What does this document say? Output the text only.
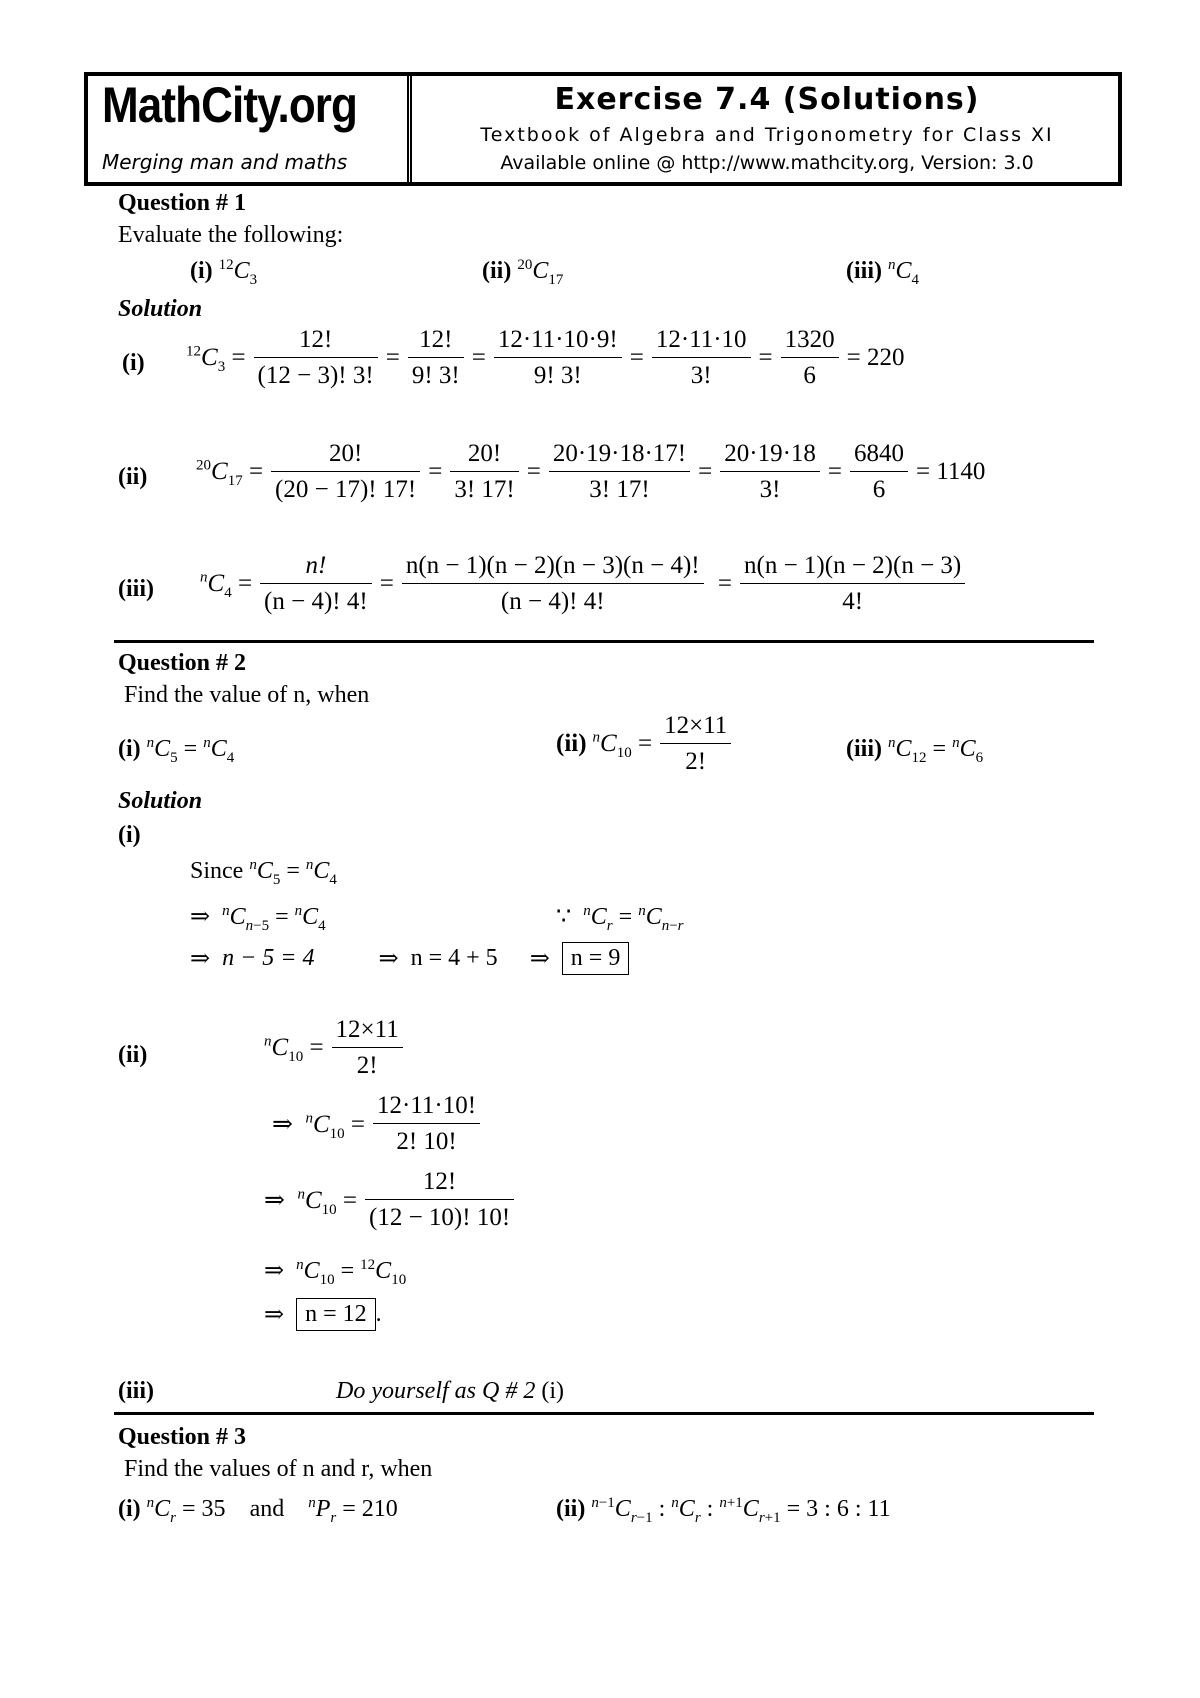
MathCity.org
Merging man and maths
Exercise 7.4 (Solutions)
Textbook of Algebra and Trigonometry for Class XI
Available online @ http://www.mathcity.org, Version: 3.0
Question # 1
Evaluate the following:
(i) $^{12}C_3$	(ii) $^{20}C_{17}$	(iii) $^nC_4$
Solution
(i)	$^{12}C_3 = \frac{12!}{(12 - 3)! 3!} = \frac{12!}{9! 3!} = \frac{12\cdot 11\cdot 10\cdot 9!}{9! 3!} = \frac{12\cdot 11\cdot 10}{3!} = \frac{1320}{6} = 220$
(ii)	$^{20}C_{17} = \frac{20!}{(20 - 17)! 17!} = \frac{20!}{3! 17!} = \frac{20\cdot 19\cdot 18\cdot 17!}{3! 17!} = \frac{20\cdot 19\cdot 18}{3!} = \frac{6840}{6} = 1140$
(iii)	$^nC_4 = \frac{n!}{(n - 4)! 4!} = \frac{n(n - 1)(n - 2)(n - 3)(n - 4)!}{(n - 4)! 4!} = \frac{n(n - 1)(n - 2)(n - 3)}{4!}$
Question # 2
Find the value of n, when
(i) $^nC_5 = ^nC_4$
(ii) $^nC_{10} = \frac{12\times 11}{2!}$	(iii) $^nC_{12} = ^nC_6$
Solution
(i)
Since $^nC_5 = ^nC_4$
⇒  $^nC_{n-5} = ^nC_4$	∵ $^nC_r = ^nC_{n-r}$
⇒ n − 5 = 4	⇒ n = 4 + 5 ⇒ n = 9
(ii)
$^nC_{10} = \frac{12\times 11}{2!}$
⇒  $^nC_{10} = \frac{12\cdot 11\cdot 10!}{2! 10!}$
⇒  $^nC_{10} = \frac{12!}{(12 - 10)! 10!}$
⇒  $^nC_{10} = ^{12}C_{10}$
⇒ n = 12 .
(iii)	Do yourself as Q # 2 (i)
Question # 3
Find the values of n and r, when
(i) $^nC_r = 35$ and $^nP_r = 210$	(ii) $^{n-1}C_{r-1}$ : $^nC_r$ : $^{n+1}C_{r+1} = 3$ : 6 : 11
